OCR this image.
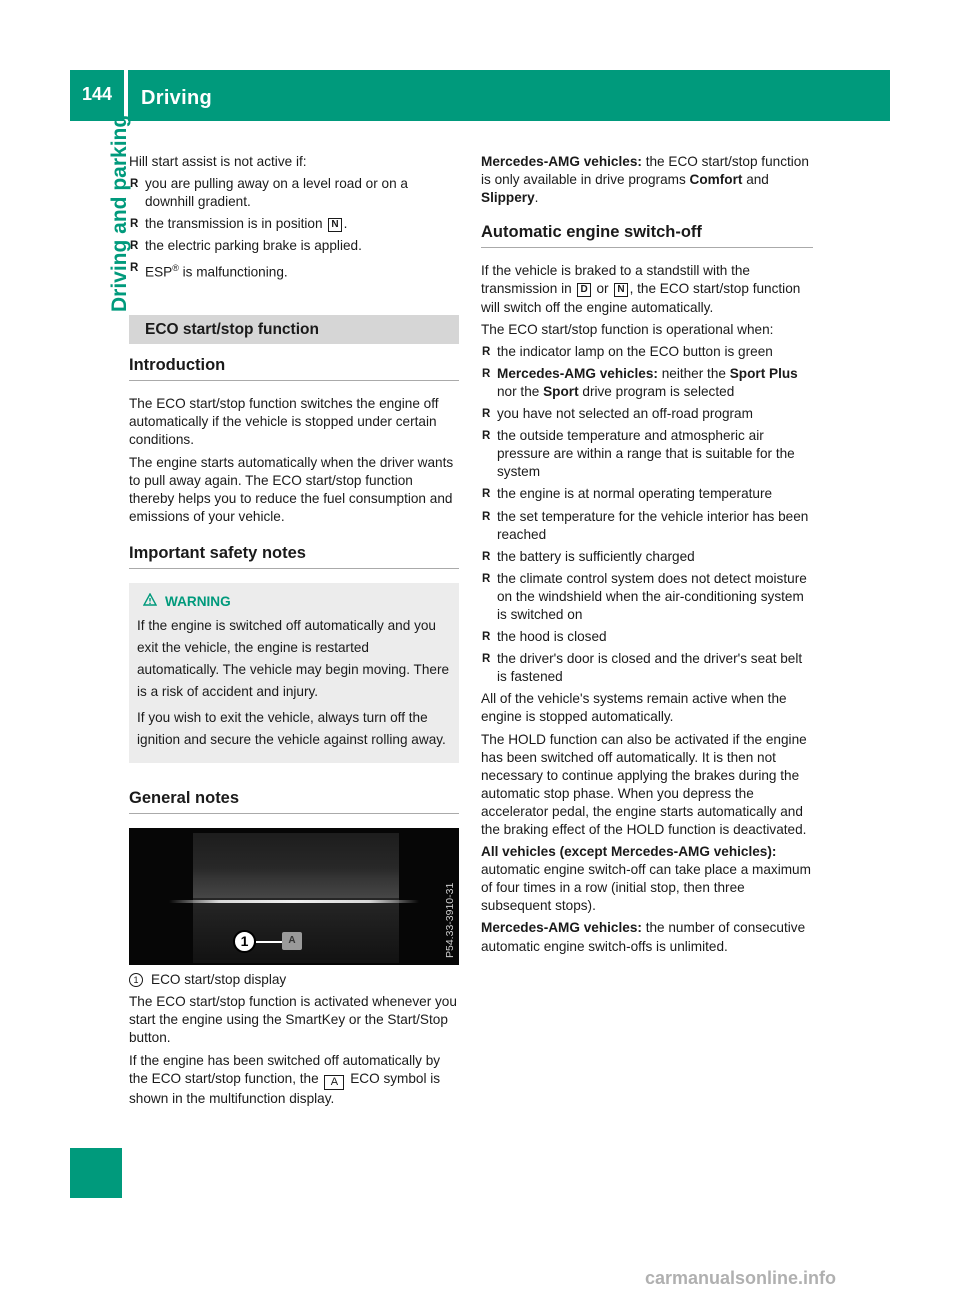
144	Driving
Driving and parking

Hill start assist is not active if:

R you are pulling away on a level road or on a downhill gradient.
R the transmission is in position N .
R the electric parking brake is applied.
R ESP® is malfunctioning.
ECO start/stop function
Introduction

The ECO start/stop function switches the engine off automatically if the vehicle is stopped under certain conditions.

The engine starts automatically when the driver wants to pull away again. The ECO start/stop function thereby helps you to reduce the fuel consumption and emissions of your vehicle.

Important safety notes
WARNING

If the engine is switched off automatically and you exit the vehicle, the engine is restarted automatically. The vehicle may begin moving. There is a risk of accident and injury.

If you wish to exit the vehicle, always turn off the ignition and secure the vehicle against rolling away.

General notes
1	A	P54.33-3910-31
1 ECO start/stop display

The ECO start/stop function is activated whenever you start the engine using the SmartKey or the Start/Stop button.

If the engine has been switched off automatically by the ECO start/stop function, the A ECO symbol is shown in the multifunction display.

Mercedes-AMG vehicles: the ECO start/stop function is only available in drive programs Comfort and Slippery.

Automatic engine switch-off

If the vehicle is braked to a standstill with the transmission in D or N , the ECO start/stop function will switch off the engine automatically.

The ECO start/stop function is operational when:

R the indicator lamp on the ECO button is green
R Mercedes-AMG vehicles: neither the Sport Plus nor the Sport drive program is selected
R you have not selected an off-road program
R the outside temperature and atmospheric air pressure are within a range that is suitable for the system
R the engine is at normal operating temperature
R the set temperature for the vehicle interior has been reached
R the battery is sufficiently charged
R the climate control system does not detect moisture on the windshield when the air-conditioning system is switched on
R the hood is closed
R the driver's door is closed and the driver's seat belt is fastened

All of the vehicle's systems remain active when the engine is stopped automatically.

The HOLD function can also be activated if the engine has been switched off automatically. It is then not necessary to continue applying the brakes during the automatic stop phase. When you depress the accelerator pedal, the engine starts automatically and the braking effect of the HOLD function is deactivated.

All vehicles (except Mercedes-AMG vehicles): automatic engine switch-off can take place a maximum of four times in a row (initial stop, then three subsequent stops).

Mercedes-AMG vehicles: the number of consecutive automatic engine switch-offs is unlimited.

carmanualsonline.info
